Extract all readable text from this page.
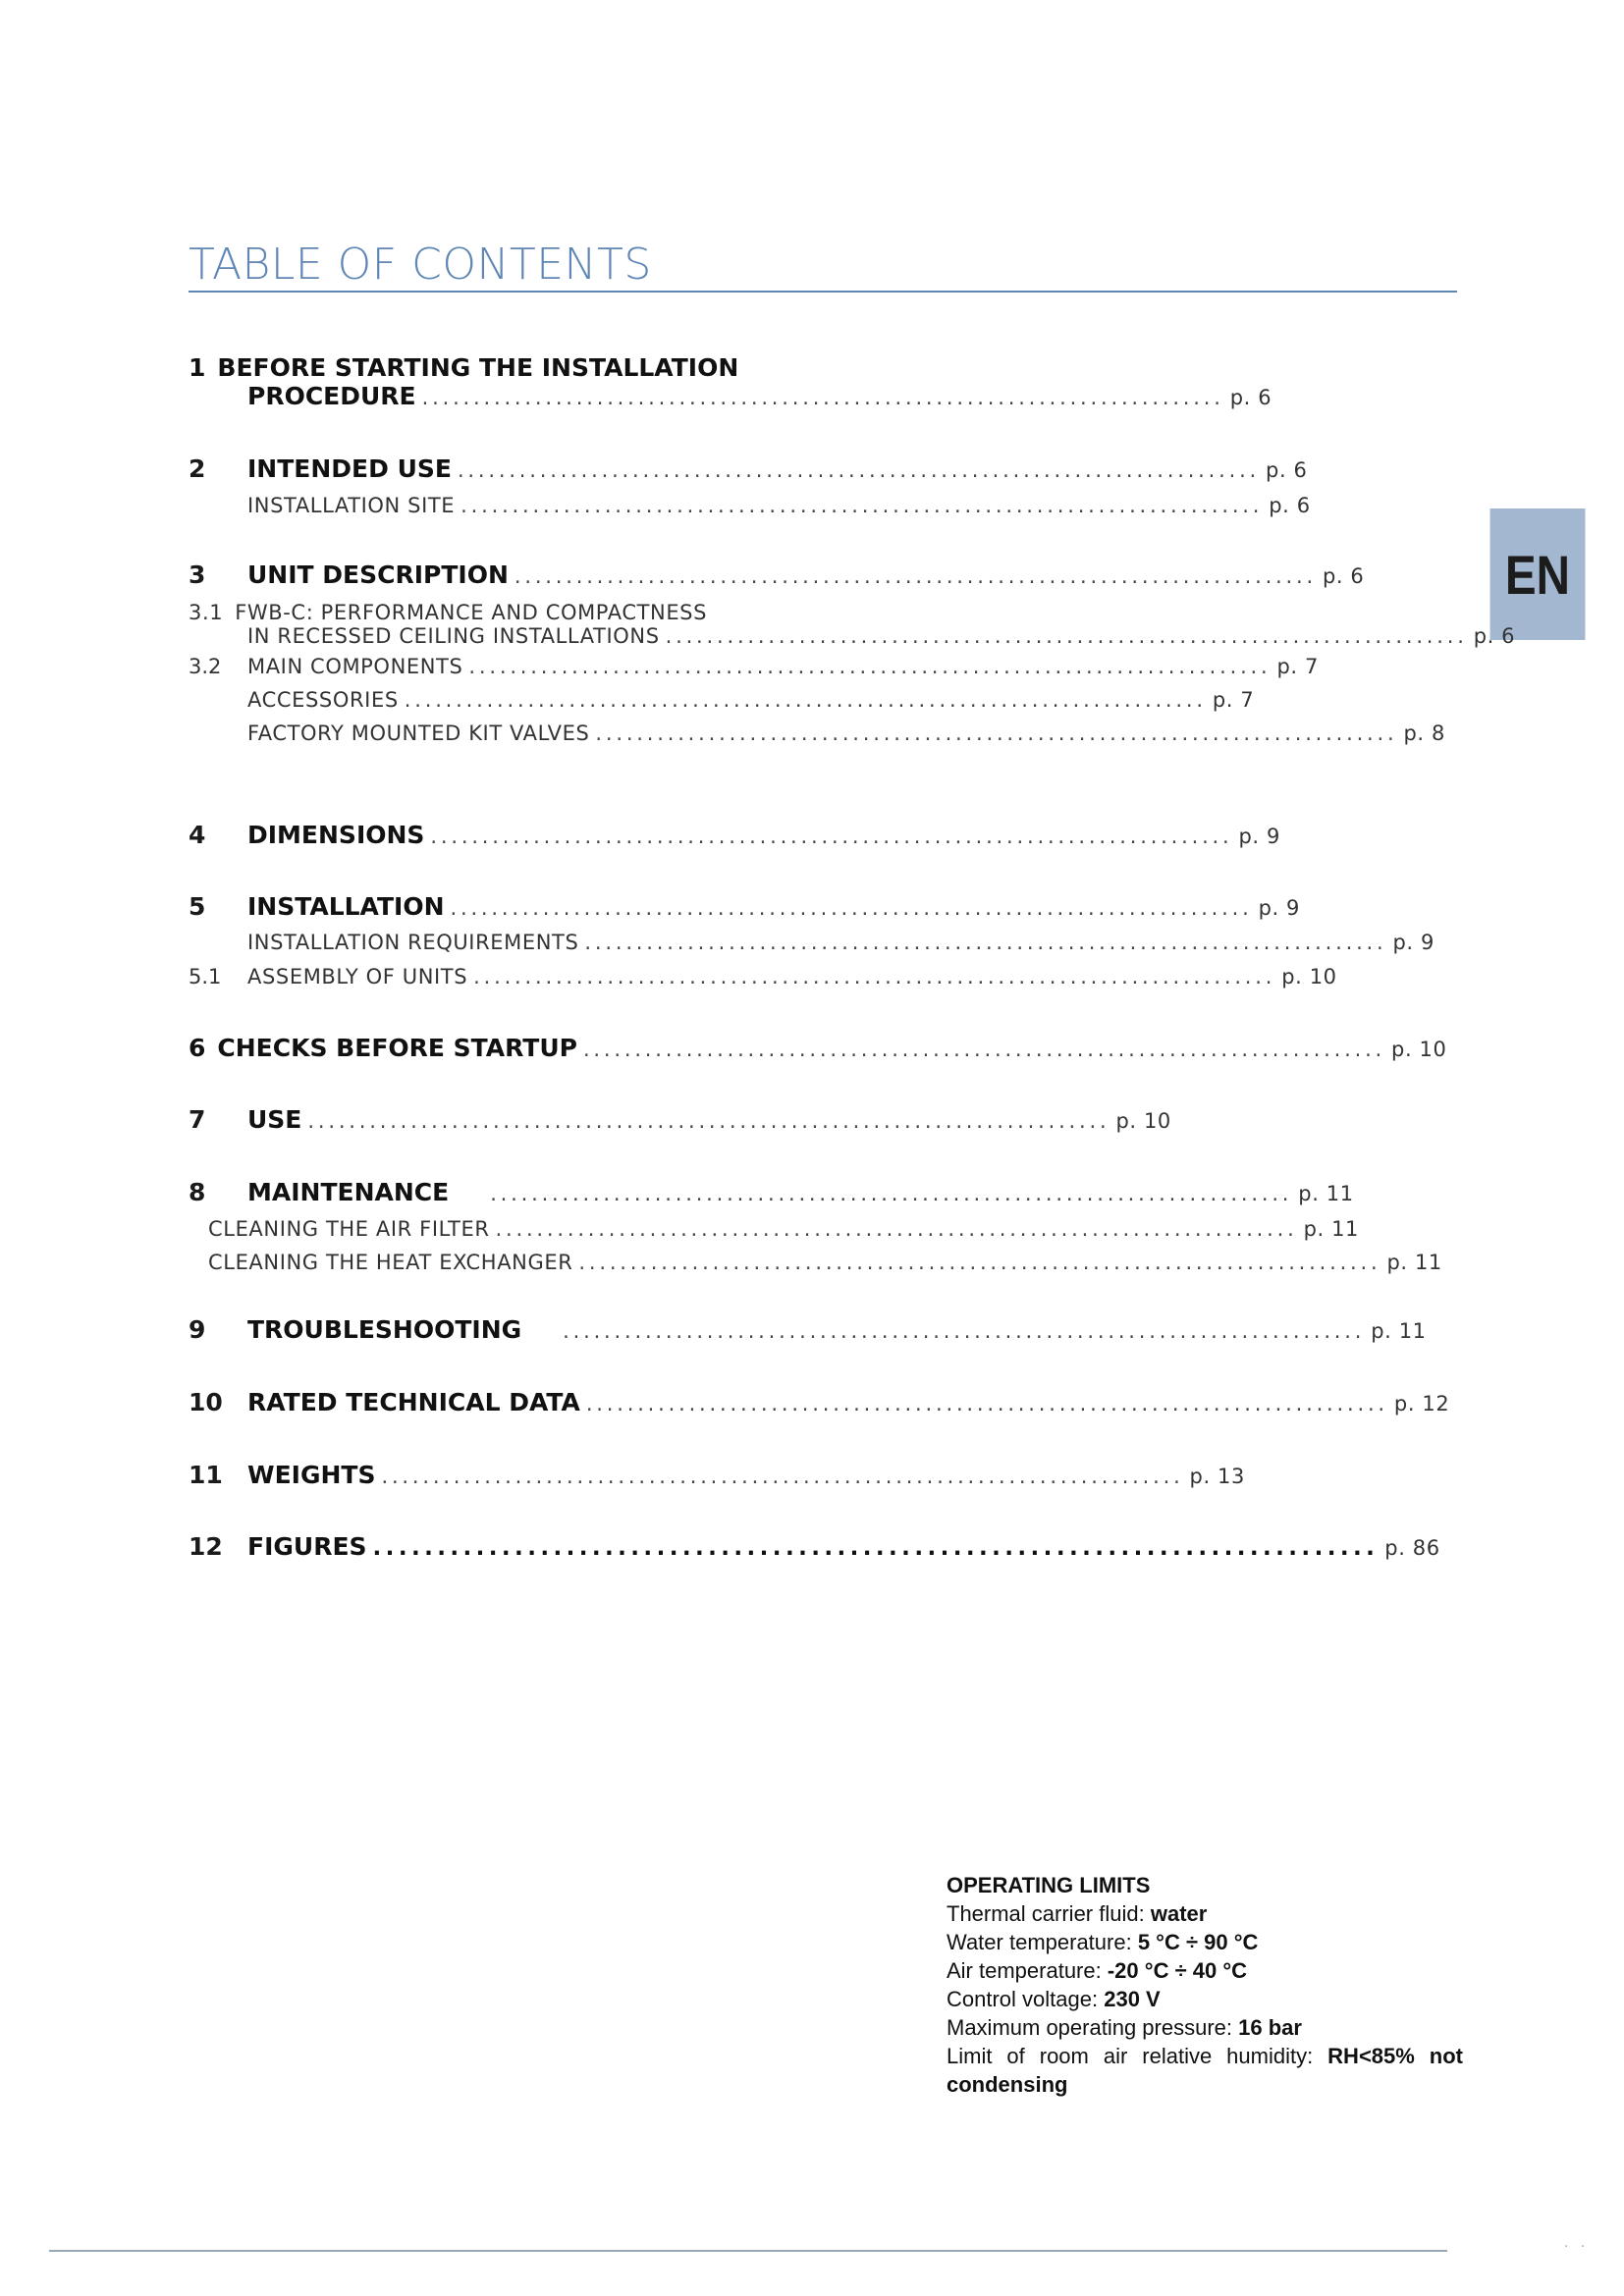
TABLE OF CONTENTS
EN
1 BEFORE STARTING THE INSTALLATION
PROCEDURE .............................................................................. p. 6
2 INTENDED USE .............................................................................. p. 6
INSTALLATION SITE .............................................................................. p. 6
3 UNIT DESCRIPTION .............................................................................. p. 6
3.1 FWB-C: PERFORMANCE AND COMPACTNESS
IN RECESSED CEILING INSTALLATIONS .............................................................................. p. 6
3.2 MAIN COMPONENTS .............................................................................. p. 7
ACCESSORIES .............................................................................. p. 7
FACTORY MOUNTED KIT VALVES .............................................................................. p. 8
4 DIMENSIONS .............................................................................. p. 9
5 INSTALLATION .............................................................................. p. 9
INSTALLATION REQUIREMENTS .............................................................................. p. 9
5.1 ASSEMBLY OF UNITS .............................................................................. p. 10
6 CHECKS BEFORE STARTUP .............................................................................. p. 10
7 USE .............................................................................. p. 10
8 MAINTENANCE .............................................................................. p. 11
CLEANING THE AIR FILTER .............................................................................. p. 11
CLEANING THE HEAT EXCHANGER .............................................................................. p. 11
9 TROUBLESHOOTING .............................................................................. p. 11
10 RATED TECHNICAL DATA .............................................................................. p. 12
11 WEIGHTS .............................................................................. p. 13
12 FIGURES .............................................................................. p. 86
OPERATING LIMITS
Thermal carrier fluid: water
Water temperature: 5 °C ÷ 90 °C
Air temperature: -20 °C ÷ 40 °C
Control voltage: 230 V
Maximum operating pressure: 16 bar
Limit of room air relative humidity: RH<85% not
condensing
· ·
